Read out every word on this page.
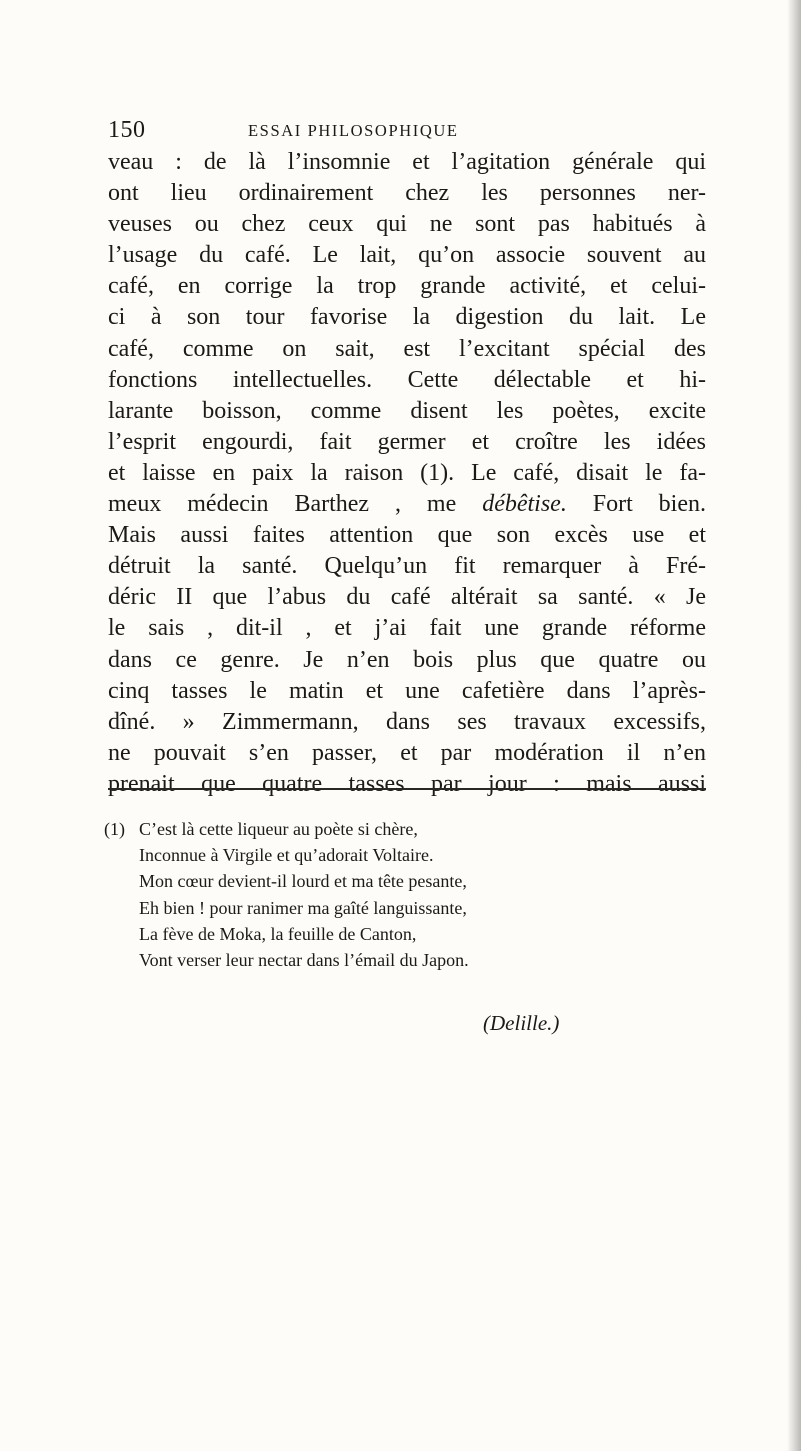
150	ESSAI PHILOSOPHIQUE
veau : de là l’insomnie et l’agitation générale qui
ont lieu ordinairement chez les personnes ner-
veuses ou chez ceux qui ne sont pas habitués à
l’usage du café. Le lait, qu’on associe souvent au
café, en corrige la trop grande activité, et celui-
ci à son tour favorise la digestion du lait. Le
café, comme on sait, est l’excitant spécial des
fonctions intellectuelles. Cette délectable et hi-
larante boisson, comme disent les poètes, excite
l’esprit engourdi, fait germer et croître les idées
et laisse en paix la raison (1). Le café, disait le fa-
meux médecin Barthez , me débêtise. Fort bien.
Mais aussi faites attention que son excès use et
détruit la santé. Quelqu’un fit remarquer à Fré-
déric II que l’abus du café altérait sa santé. « Je
le sais , dit-il , et j’ai fait une grande réforme
dans ce genre. Je n’en bois plus que quatre ou
cinq tasses le matin et une cafetière dans l’après-
dîné. » Zimmermann, dans ses travaux excessifs,
ne pouvait s’en passer, et par modération il n’en
prenait que quatre tasses par jour : mais aussi
(1) C’est là cette liqueur au poète si chère,
Inconnue à Virgile et qu’adorait Voltaire.
Mon cœur devient-il lourd et ma tête pesante,
Eh bien ! pour ranimer ma gaîté languissante,
La fève de Moka, la feuille de Canton,
Vont verser leur nectar dans l’émail du Japon.
(Delille.)
